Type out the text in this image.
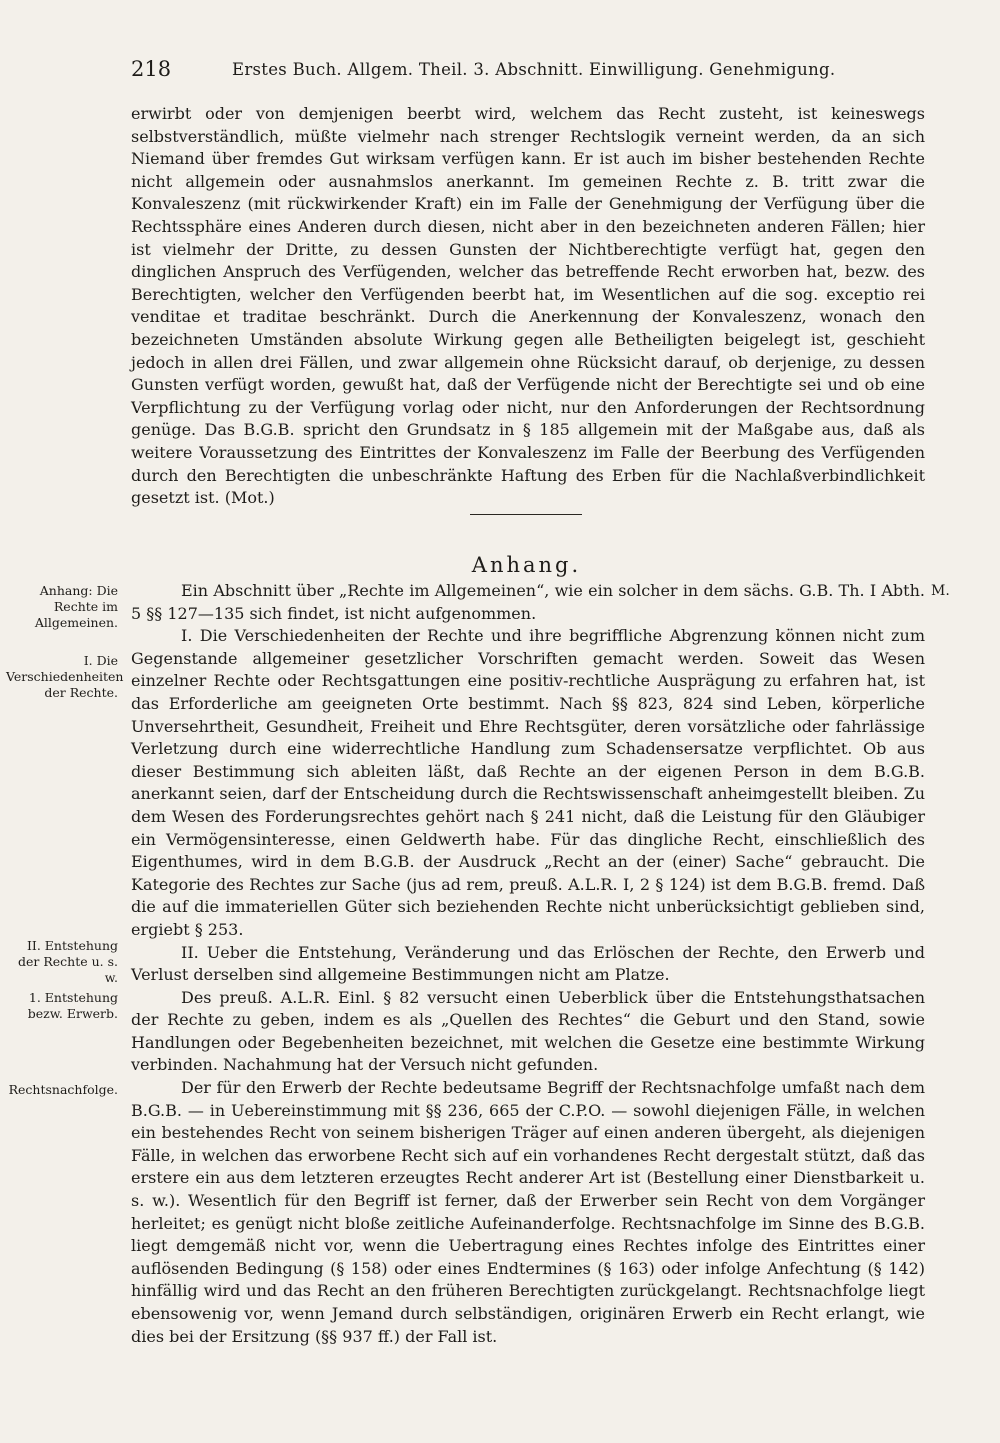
218	Erstes Buch. Allgem. Theil. 3. Abschnitt. Einwilligung. Genehmigung.

erwirbt oder von demjenigen beerbt wird, welchem das Recht zusteht, ist keineswegs selbstverständlich, müßte vielmehr nach strenger Rechtslogik verneint werden, da an sich Niemand über fremdes Gut wirksam verfügen kann. Er ist auch im bisher bestehenden Rechte nicht allgemein oder ausnahmslos anerkannt. Im gemeinen Rechte z. B. tritt zwar die Konvaleszenz (mit rückwirkender Kraft) ein im Falle der Genehmigung der Verfügung über die Rechtssphäre eines Anderen durch diesen, nicht aber in den bezeichneten anderen Fällen; hier ist vielmehr der Dritte, zu dessen Gunsten der Nichtberechtigte verfügt hat, gegen den dinglichen Anspruch des Verfügenden, welcher das betreffende Recht erworben hat, bezw. des Berechtigten, welcher den Verfügenden beerbt hat, im Wesentlichen auf die sog. exceptio rei venditae et traditae beschränkt. Durch die Anerkennung der Konvaleszenz, wonach den bezeichneten Umständen absolute Wirkung gegen alle Betheiligten beigelegt ist, geschieht jedoch in allen drei Fällen, und zwar allgemein ohne Rücksicht darauf, ob derjenige, zu dessen Gunsten verfügt worden, gewußt hat, daß der Verfügende nicht der Berechtigte sei und ob eine Verpflichtung zu der Verfügung vorlag oder nicht, nur den Anforderungen der Rechtsordnung genüge. Das B.G.B. spricht den Grundsatz in § 185 allgemein mit der Maßgabe aus, daß als weitere Voraussetzung des Eintrittes der Konvaleszenz im Falle der Beerbung des Verfügenden durch den Berechtigten die unbeschränkte Haftung des Erben für die Nachlaßverbindlichkeit gesetzt ist. (Mot.)

Anhang.
M.

Ein Abschnitt über „Rechte im Allgemeinen“, wie ein solcher in dem sächs. G.B. Th. I Abth. 5 §§ 127—135 sich findet, ist nicht aufgenommen.

I. Die Verschiedenheiten der Rechte und ihre begriffliche Abgrenzung können nicht zum Gegenstande allgemeiner gesetzlicher Vorschriften gemacht werden. Soweit das Wesen einzelner Rechte oder Rechtsgattungen eine positiv-rechtliche Ausprägung zu erfahren hat, ist das Erforderliche am geeigneten Orte bestimmt. Nach §§ 823, 824 sind Leben, körperliche Unversehrtheit, Gesundheit, Freiheit und Ehre Rechtsgüter, deren vorsätzliche oder fahrlässige Verletzung durch eine widerrechtliche Handlung zum Schadensersatze verpflichtet. Ob aus dieser Bestimmung sich ableiten läßt, daß Rechte an der eigenen Person in dem B.G.B. anerkannt seien, darf der Entscheidung durch die Rechtswissenschaft anheimgestellt bleiben. Zu dem Wesen des Forderungsrechtes gehört nach § 241 nicht, daß die Leistung für den Gläubiger ein Vermögensinteresse, einen Geldwerth habe. Für das dingliche Recht, einschließlich des Eigenthumes, wird in dem B.G.B. der Ausdruck „Recht an der (einer) Sache“ gebraucht. Die Kategorie des Rechtes zur Sache (jus ad rem, preuß. A.L.R. I, 2 § 124) ist dem B.G.B. fremd. Daß die auf die immateriellen Güter sich beziehenden Rechte nicht unberücksichtigt geblieben sind, ergiebt § 253.

II. Ueber die Entstehung, Veränderung und das Erlöschen der Rechte, den Erwerb und Verlust derselben sind allgemeine Bestimmungen nicht am Platze.

Des preuß. A.L.R. Einl. § 82 versucht einen Ueberblick über die Entstehungsthatsachen der Rechte zu geben, indem es als „Quellen des Rechtes“ die Geburt und den Stand, sowie Handlungen oder Begebenheiten bezeichnet, mit welchen die Gesetze eine bestimmte Wirkung verbinden. Nachahmung hat der Versuch nicht gefunden.

Der für den Erwerb der Rechte bedeutsame Begriff der Rechtsnachfolge umfaßt nach dem B.G.B. — in Uebereinstimmung mit §§ 236, 665 der C.P.O. — sowohl diejenigen Fälle, in welchen ein bestehendes Recht von seinem bisherigen Träger auf einen anderen übergeht, als diejenigen Fälle, in welchen das erworbene Recht sich auf ein vorhandenes Recht dergestalt stützt, daß das erstere ein aus dem letzteren erzeugtes Recht anderer Art ist (Bestellung einer Dienstbarkeit u. s. w.). Wesentlich für den Begriff ist ferner, daß der Erwerber sein Recht von dem Vorgänger herleitet; es genügt nicht bloße zeitliche Aufeinanderfolge. Rechtsnachfolge im Sinne des B.G.B. liegt demgemäß nicht vor, wenn die Uebertragung eines Rechtes infolge des Eintrittes einer auflösenden Bedingung (§ 158) oder eines Endtermines (§ 163) oder infolge Anfechtung (§ 142) hinfällig wird und das Recht an den früheren Berechtigten zurückgelangt. Rechtsnachfolge liegt ebensowenig vor, wenn Jemand durch selbständigen, originären Erwerb ein Recht erlangt, wie dies bei der Ersitzung (§§ 937 ff.) der Fall ist.

Anhang: Die Rechte im Allgemeinen.
I. Die Verschiedenheiten der Rechte.
II. Entstehung der Rechte u. s. w.
1. Entstehung bezw. Erwerb.
Rechtsnachfolge.
